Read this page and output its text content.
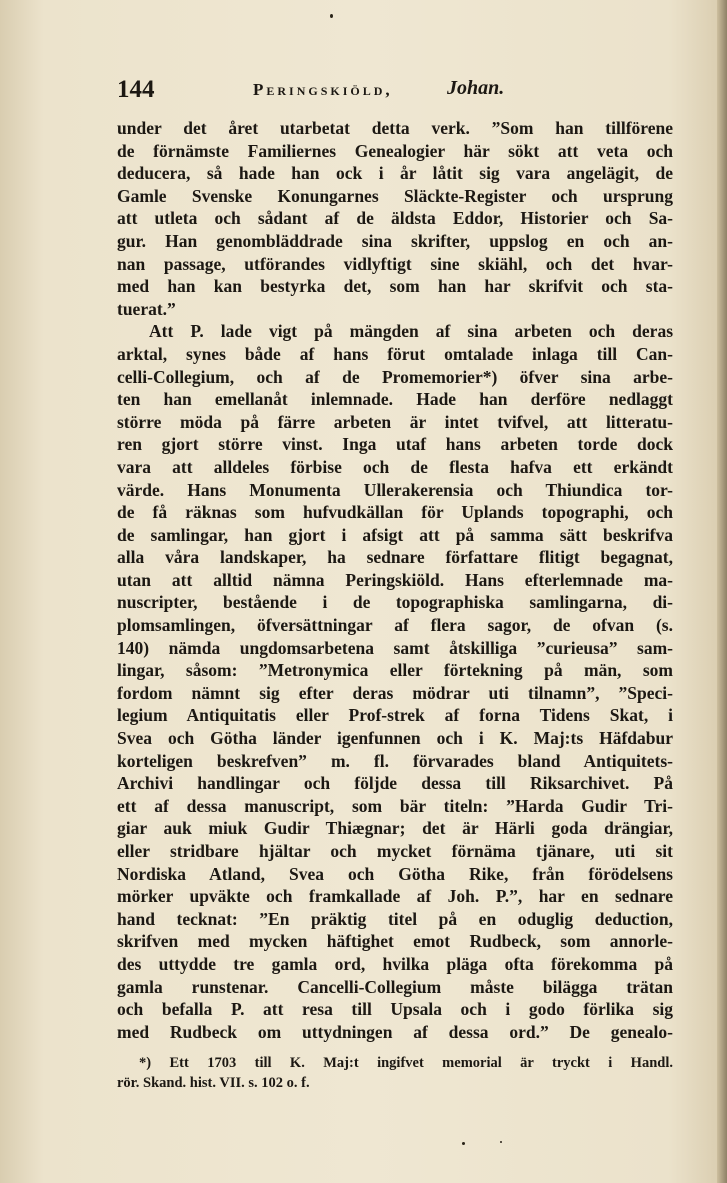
144	Peringskiöld,	Johan.
under det året utarbetat detta verk. ”Som han tillförene
de förnämste Familiernes Genealogier här sökt att veta och
deducera, så hade han ock i år låtit sig vara angelägit, de
Gamle Svenske Konungarnes Släckte-Register och ursprung
att utleta och sådant af de äldsta Eddor, Historier och Sa-
gur. Han genombläddrade sina skrifter, uppslog en och an-
nan passage, utförandes vidlyftigt sine skiähl, och det hvar-
med han kan bestyrka det, som han har skrifvit och sta-
tuerat.”
Att P. lade vigt på mängden af sina arbeten och deras
arktal, synes både af hans förut omtalade inlaga till Can-
celli-Collegium, och af de Promemorier*) öfver sina arbe-
ten han emellanåt inlemnade. Hade han derföre nedlaggt
större möda på färre arbeten är intet tvifvel, att litteratu-
ren gjort större vinst. Inga utaf hans arbeten torde dock
vara att alldeles förbise och de flesta hafva ett erkändt
värde. Hans Monumenta Ullerakerensia och Thiundica tor-
de få räknas som hufvudkällan för Uplands topographi, och
de samlingar, han gjort i afsigt att på samma sätt beskrifva
alla våra landskaper, ha sednare författare flitigt begagnat,
utan att alltid nämna Peringskiöld. Hans efterlemnade ma-
nuscripter, bestående i de topographiska samlingarna, di-
plomsamlingen, öfversättningar af flera sagor, de ofvan (s.
140) nämda ungdomsarbetena samt åtskilliga ”curieusa” sam-
lingar, såsom: ”Metronymica eller förtekning på män, som
fordom nämnt sig efter deras mödrar uti tilnamn”, ”Speci-
legium Antiquitatis eller Prof-strek af forna Tidens Skat, i
Svea och Götha länder igenfunnen och i K. Maj:ts Häfdabur
korteligen beskrefven” m. fl. förvarades bland Antiquitets-
Archivi handlingar och följde dessa till Riksarchivet. På
ett af dessa manuscript, som bär titeln: ”Harda Gudir Tri-
giar auk miuk Gudir Thiægnar; det är Härli goda drängiar,
eller stridbare hjältar och mycket förnäma tjänare, uti sit
Nordiska Atland, Svea och Götha Rike, från förödelsens
mörker upväkte och framkallade af Joh. P.”, har en sednare
hand tecknat: ”En präktig titel på en oduglig deduction,
skrifven med mycken häftighet emot Rudbeck, som annorle-
des uttydde tre gamla ord, hvilka pläga ofta förekomma på
gamla runstenar. Cancelli-Collegium måste bilägga trätan
och befalla P. att resa till Upsala och i godo förlika sig
med Rudbeck om uttydningen af dessa ord.” De genealo-
*) Ett 1703 till K. Maj:t ingifvet memorial är tryckt i Handl.
rör. Skand. hist. VII. s. 102 o. f.
